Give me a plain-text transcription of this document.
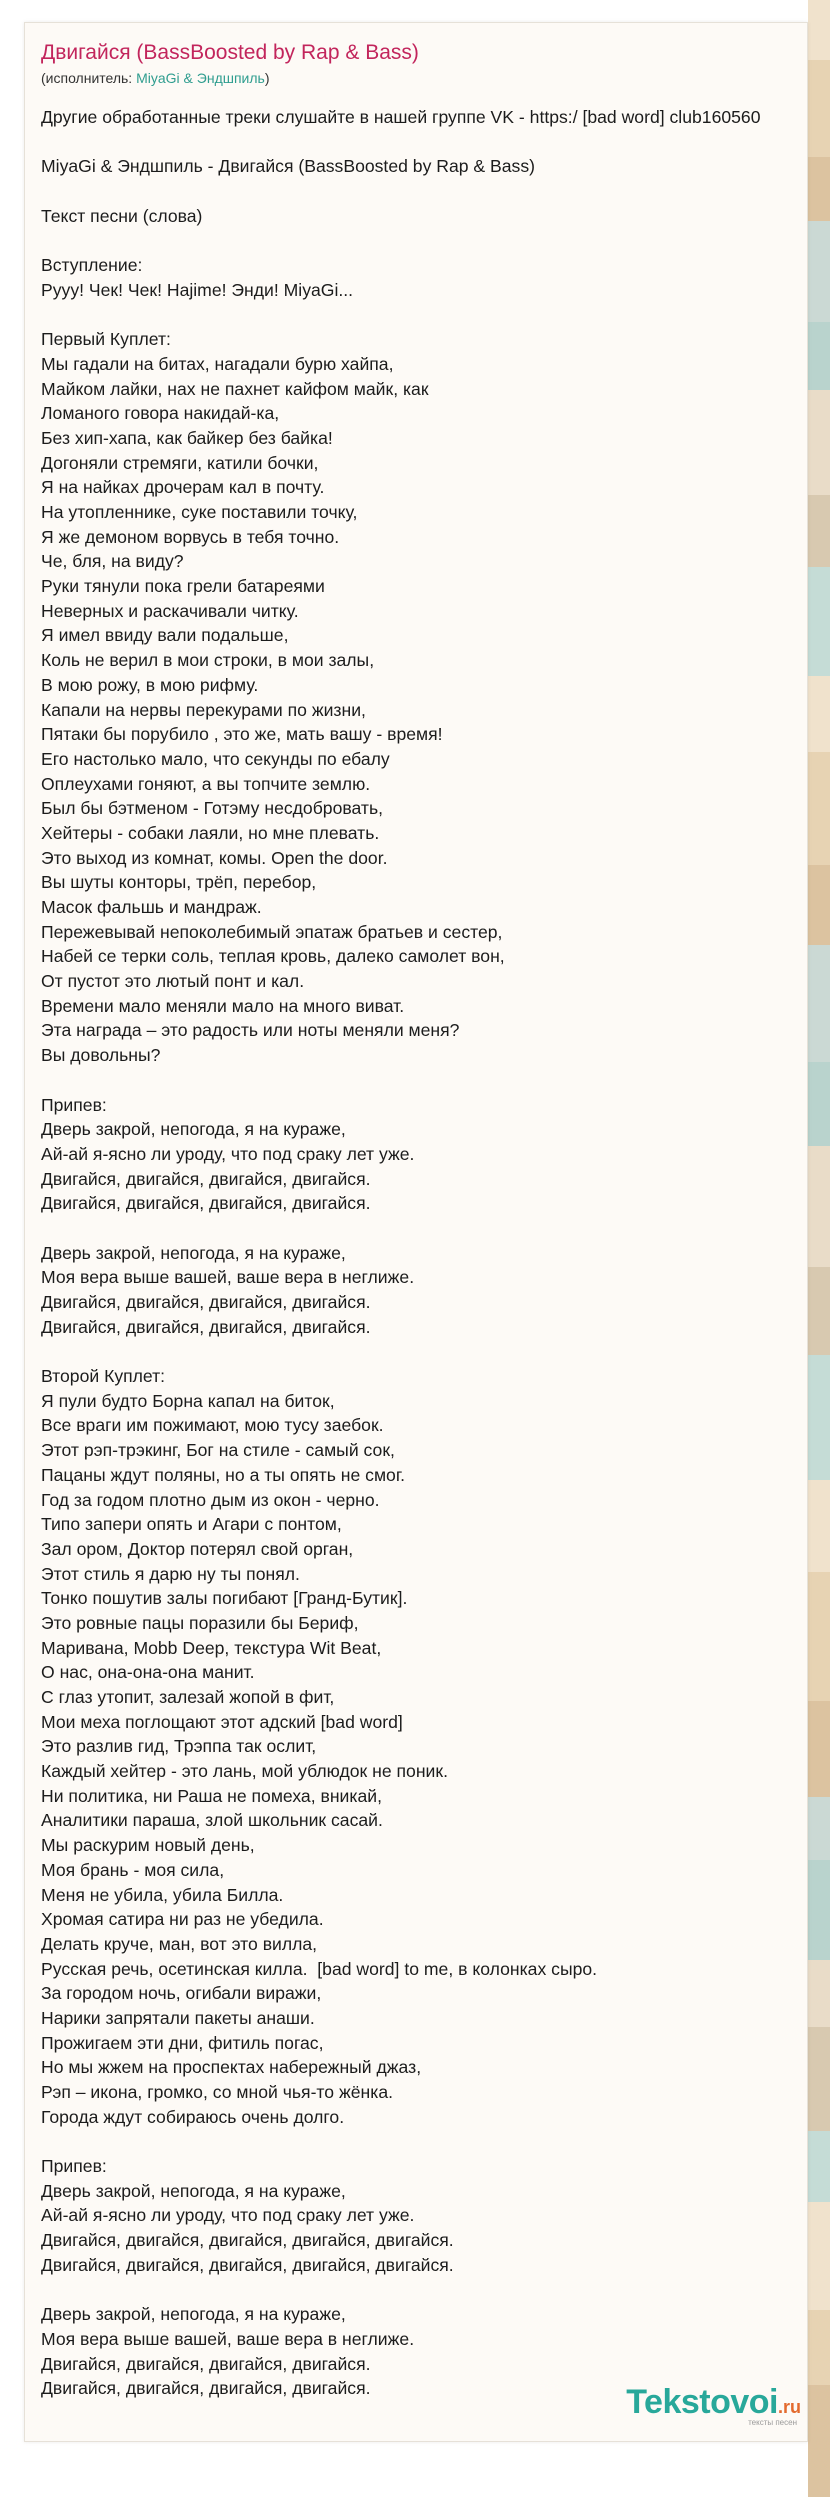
Двигайся (BassBoosted by Rap & Bass)
(исполнитель: MiyaGi & Эндшпиль)
Другие обработанные треки слушайте в нашей группе VK - https:/ [bad word] club160560
MiyaGi & Эндшпиль - Двигайся (BassBoosted by Rap & Bass)
Текст песни (слова)
Вступление:
Рууу! Чек! Чек! Hajime! Энди! MiyaGi...
Первый Куплет:
Мы гадали на битах, нагадали бурю хайпа,
Майком лайки, нах не пахнет кайфом майк, как
Ломаного говора накидай-ка,
Без хип-хапа, как байкер без байка!
Догоняли стремяги, катили бочки,
Я на найках дрочерам кал в почту.
На утопленнике, суке поставили точку,
Я же демоном ворвусь в тебя точно.
Че, бля, на виду?
Руки тянули пока грели батареями
Неверных и раскачивали читку.
Я имел ввиду вали подальше,
Коль не верил в мои строки, в мои залы,
В мою рожу, в мою рифму.
Капали на нервы перекурами по жизни,
Пятаки бы порубило , это же, мать вашу - время!
Его настолько мало, что секунды по ебалу
Оплеухами гоняют, а вы топчите землю.
Был бы бэтменом - Готэму несдобровать,
Хейтеры - собаки лаяли, но мне плевать.
Это выход из комнат, комы. Open the door.
Вы шуты конторы, трёп, перебор,
Масок фальшь и мандраж.
Пережевывай непоколебимый эпатаж братьев и сестер,
Набей се терки соль, теплая кровь, далеко самолет вон,
От пустот это лютый понт и кал.
Времени мало меняли мало на много виват.
Эта награда – это радость или ноты меняли меня?
Вы довольны?
Припев:
Дверь закрой, непогода, я на кураже,
Ай-ай я-ясно ли уроду, что под сраку лет уже.
Двигайся, двигайся, двигайся, двигайся.
Двигайся, двигайся, двигайся, двигайся.
Дверь закрой, непогода, я на кураже,
Моя вера выше вашей, ваше вера в неглиже.
Двигайся, двигайся, двигайся, двигайся.
Двигайся, двигайся, двигайся, двигайся.
Второй Куплет:
Я пули будто Борна капал на биток,
Все враги им пожимают, мою тусу заебок.
Этот рэп-трэкинг, Бог на стиле - самый сок,
Пацаны ждут поляны, но а ты опять не смог.
Год за годом плотно дым из окон - черно.
Типо запери опять и Агари с понтом,
Зал ором, Доктор потерял свой орган,
Этот стиль я дарю ну ты понял.
Тонко пошутив залы погибают [Гранд-Бутик].
Это ровные пацы поразили бы Бериф,
Маривана, Mobb Deep, текстура Wit Beat,
О нас, она-она-она манит.
С глаз утопит, залезай жопой в фит,
Мои меха поглощают этот адский [bad word]
Это разлив гид, Трэппа так ослит,
Каждый хейтер - это лань, мой ублюдок не поник.
Ни политика, ни Раша не помеха, вникай,
Аналитики параша, злой школьник сасай.
Мы раскурим новый день,
Моя брань - моя сила,
Меня не убила, убила Билла.
Хромая сатира ни раз не убедила.
Делать круче, ман, вот это вилла,
Русская речь, осетинская килла.  [bad word] to me, в колонках сыро.
За городом ночь, огибали виражи,
Нарики запрятали пакеты анаши.
Прожигаем эти дни, фитиль погас,
Но мы жжем на проспектах набережный джаз,
Рэп – икона, громко, со мной чья-то жёнка.
Города ждут собираюсь очень долго.
Припев:
Дверь закрой, непогода, я на кураже,
Ай-ай я-ясно ли уроду, что под сраку лет уже.
Двигайся, двигайся, двигайся, двигайся, двигайся.
Двигайся, двигайся, двигайся, двигайся, двигайся.
Дверь закрой, непогода, я на кураже,
Моя вера выше вашей, ваше вера в неглиже.
Двигайся, двигайся, двигайся, двигайся.
Двигайся, двигайся, двигайся, двигайся.	Tekstovoi.ru
тексты песен
